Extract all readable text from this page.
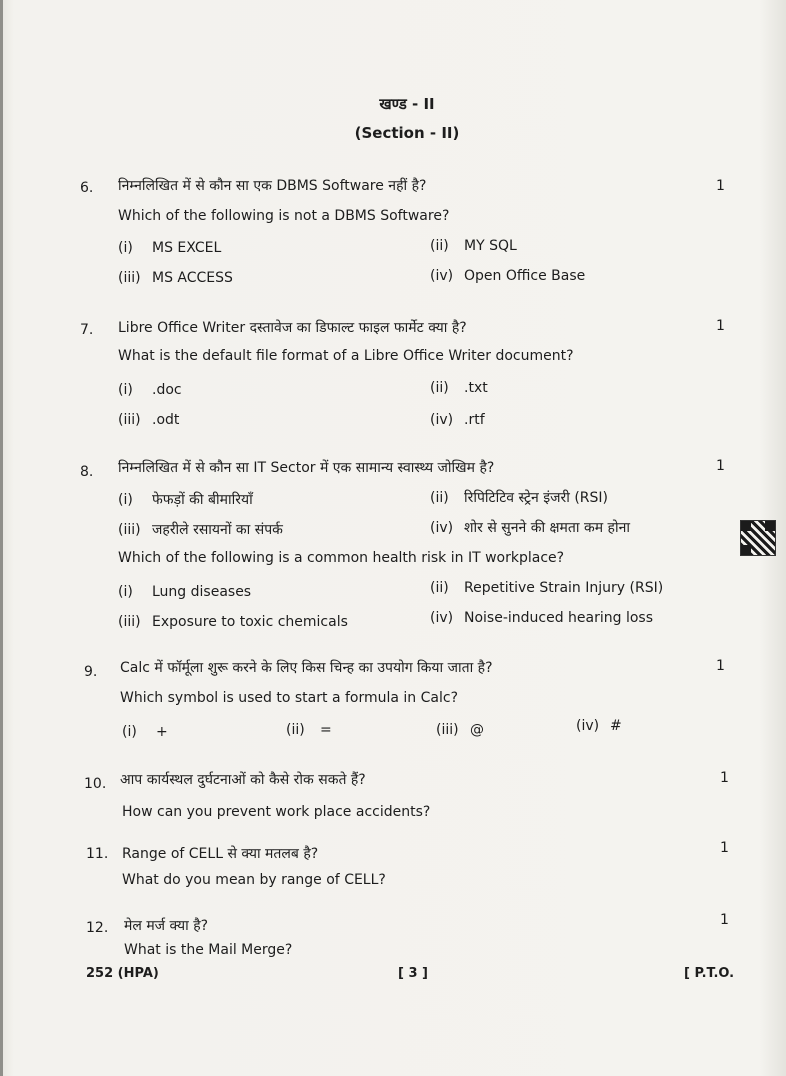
खण्ड - II
(Section - II)
6. निम्नलिखित में से कौन सा एक DBMS Software नहीं है?	1
Which of the following is not a DBMS Software?
(i) MS EXCEL	(ii) MY SQL
(iii) MS ACCESS	(iv) Open Office Base
7. Libre Office Writer दस्तावेज का डिफाल्ट फाइल फार्मेट क्या है?	1
What is the default file format of a Libre Office Writer document?
(i) .doc	(ii) .txt
(iii) .odt	(iv) .rtf
8. निम्नलिखित में से कौन सा IT Sector में एक सामान्य स्वास्थ्य जोखिम है?	1
(i) फेफड़ों की बीमारियाँ	(ii) रिपिटिटिव स्ट्रेन इंजरी (RSI)
(iii) जहरीले रसायनों का संपर्क	(iv) शोर से सुनने की क्षमता कम होना
Which of the following is a common health risk in IT workplace?
(i) Lung diseases	(ii) Repetitive Strain Injury (RSI)
(iii) Exposure to toxic chemicals	(iv) Noise-induced hearing loss
9. Calc में फॉर्मूला शुरू करने के लिए किस चिन्ह का उपयोग किया जाता है?	1
Which symbol is used to start a formula in Calc?
(i) +	(ii) =	(iii) @	(iv) #
10. आप कार्यस्थल दुर्घटनाओं को कैसे रोक सकते हैं?	1
How can you prevent work place accidents?
11. Range of CELL से क्या मतलब है?	1
What do you mean by range of CELL?
12. मेल मर्ज क्या है?	1
What is the Mail Merge?
252 (HPA)	[ 3 ]	[ P.T.O.
